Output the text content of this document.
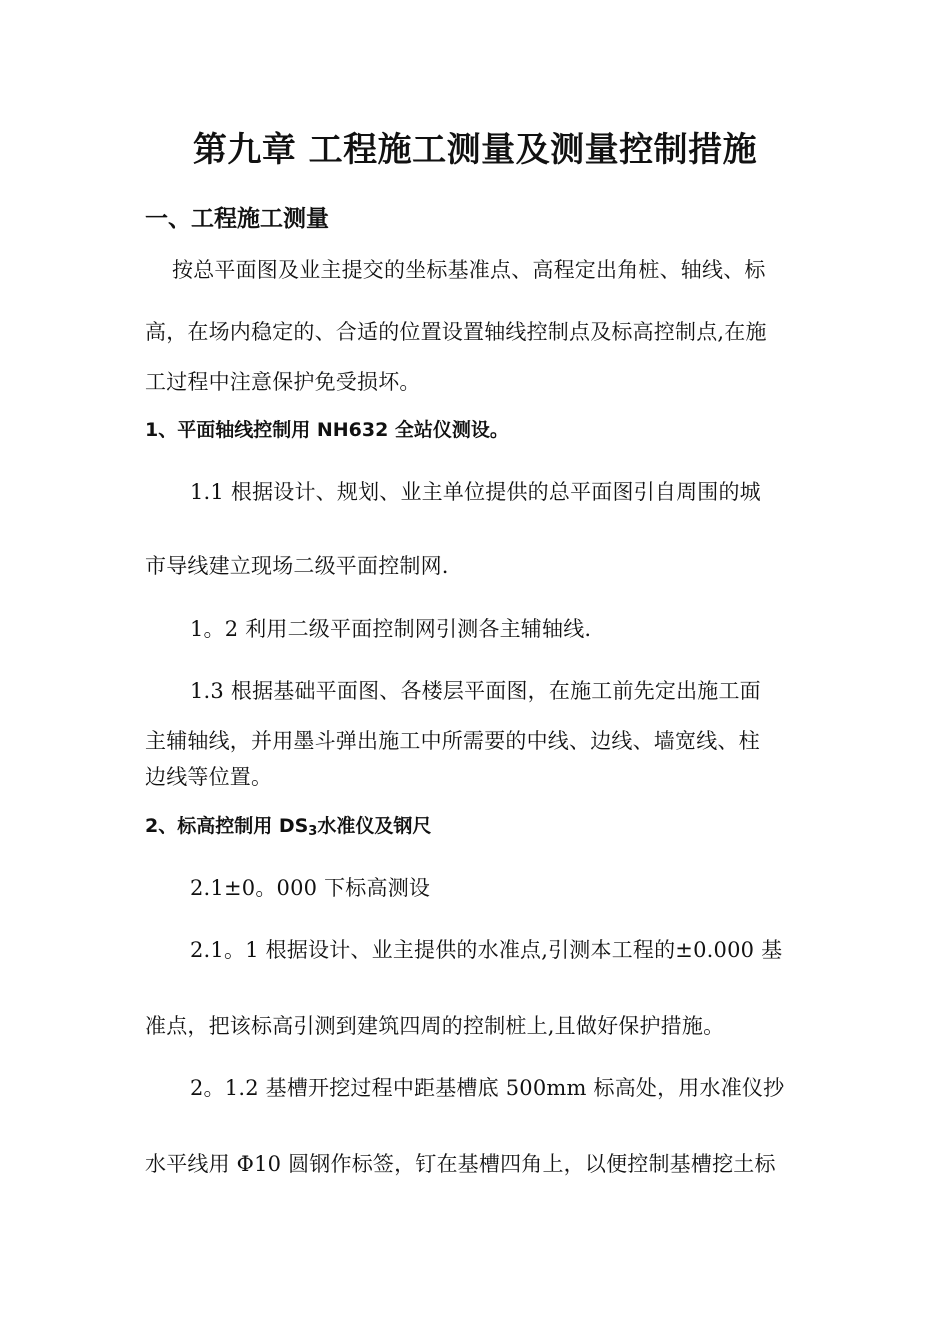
第九章 工程施工测量及测量控制措施
一、工程施工测量
按总平面图及业主提交的坐标基准点、高程定出角桩、轴线、标
高，在场内稳定的、合适的位置设置轴线控制点及标高控制点,在施
工过程中注意保护免受损坏。
1、平面轴线控制用 NH632 全站仪测设。
1.1 根据设计、规划、业主单位提供的总平面图引自周围的城
市导线建立现场二级平面控制网.
1。2 利用二级平面控制网引测各主辅轴线.
1.3 根据基础平面图、各楼层平面图，在施工前先定出施工面
主辅轴线，并用墨斗弹出施工中所需要的中线、边线、墙宽线、柱
边线等位置。
2、标高控制用 $DS_3$水准仪及钢尺
2.1±0。000 下标高测设
2.1。1 根据设计、业主提供的水准点,引测本工程的±0.000 基
准点，把该标高引测到建筑四周的控制桩上,且做好保护措施。
2。1.2 基槽开挖过程中距基槽底 500mm 标高处，用水准仪抄
水平线用 Φ10 圆钢作标签，钉在基槽四角上，以便控制基槽挖土标
